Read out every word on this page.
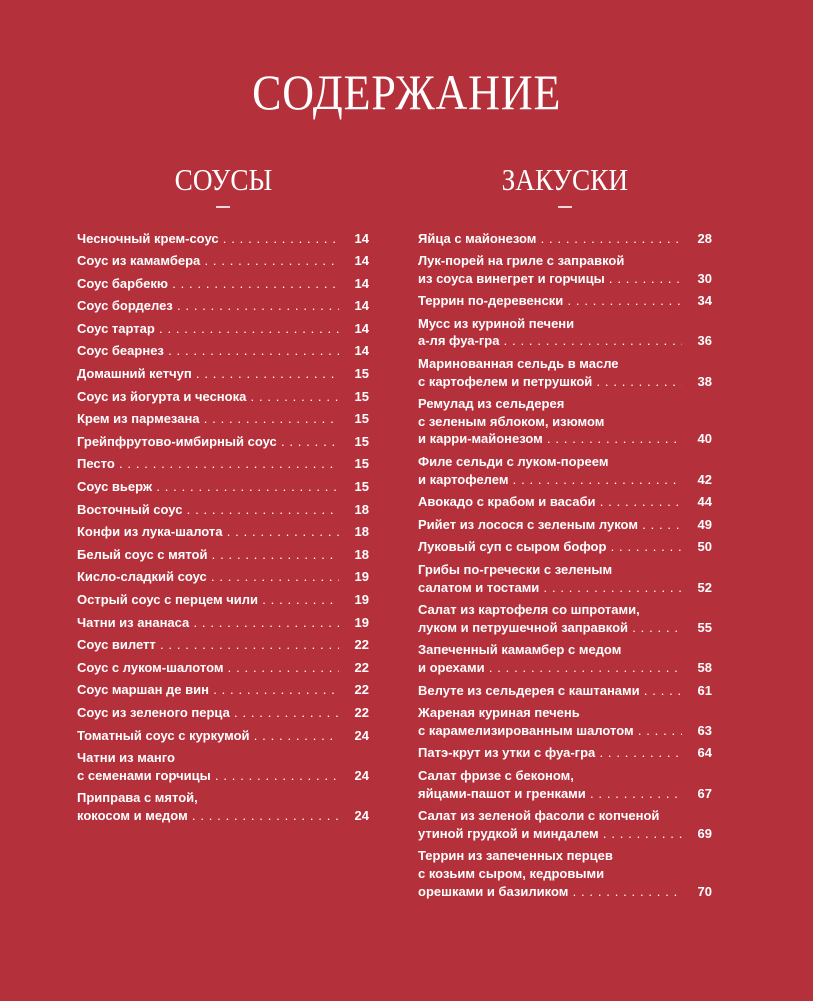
СОДЕРЖАНИЕ
СОУСЫ
Чесночный крем-соус . . .	14
Соус из камамбера . . .	14
Соус барбекю . . .	14
Соус борделез . . .	14
Соус тартар . . .	14
Соус беарнез . . .	14
Домашний кетчуп . . .	15
Соус из йогурта и чеснока . . .	15
Крем из пармезана . . .	15
Грейпфрутово-имбирный соус . . .	15
Песто . . .	15
Соус вьерж . . .	15
Восточный соус . . .	18
Конфи из лука-шалота . . .	18
Белый соус с мятой . . .	18
Кисло-сладкий соус . . .	19
Острый соус с перцем чили . . .	19
Чатни из ананаса . . .	19
Соус вилетт . . .	22
Соус с луком-шалотом . . .	22
Соус маршан де вин . . .	22
Соус из зеленого перца . . .	22
Томатный соус с куркумой . . .	24
Чатни из манго
с семенами горчицы . . .	24
Приправа с мятой,
кокосом и медом . . .	24
ЗАКУСКИ
Яйца с майонезом . . .	28
Лук-порей на гриле с заправкой
из соуса винегрет и горчицы . . .	30
Террин по-деревенски . . .	34
Мусс из куриной печени
а-ля фуа-гра . . .	36
Маринованная сельдь в масле
с картофелем и петрушкой . . .	38
Ремулад из сельдерея
с зеленым яблоком, изюмом
и карри-майонезом . . .	40
Филе сельди с луком-пореем
и картофелем . . .	42
Авокадо с крабом и васаби . . .	44
Рийет из лосося с зеленым луком . . .	49
Луковый суп с сыром бофор . . .	50
Грибы по-гречески с зеленым
салатом и тостами . . .	52
Салат из картофеля со шпротами,
луком и петрушечной заправкой . . .	55
Запеченный камамбер с медом
и орехами . . .	58
Велуте из сельдерея с каштанами . . .	61
Жареная куриная печень
с карамелизированным шалотом . . .	63
Патэ-крут из утки с фуа-гра . . .	64
Салат фризе с беконом,
яйцами-пашот и гренками . . .	67
Салат из зеленой фасоли с копченой
утиной грудкой и миндалем . . .	69
Террин из запеченных перцев
с козьим сыром, кедровыми
орешками и базиликом . . .	70
